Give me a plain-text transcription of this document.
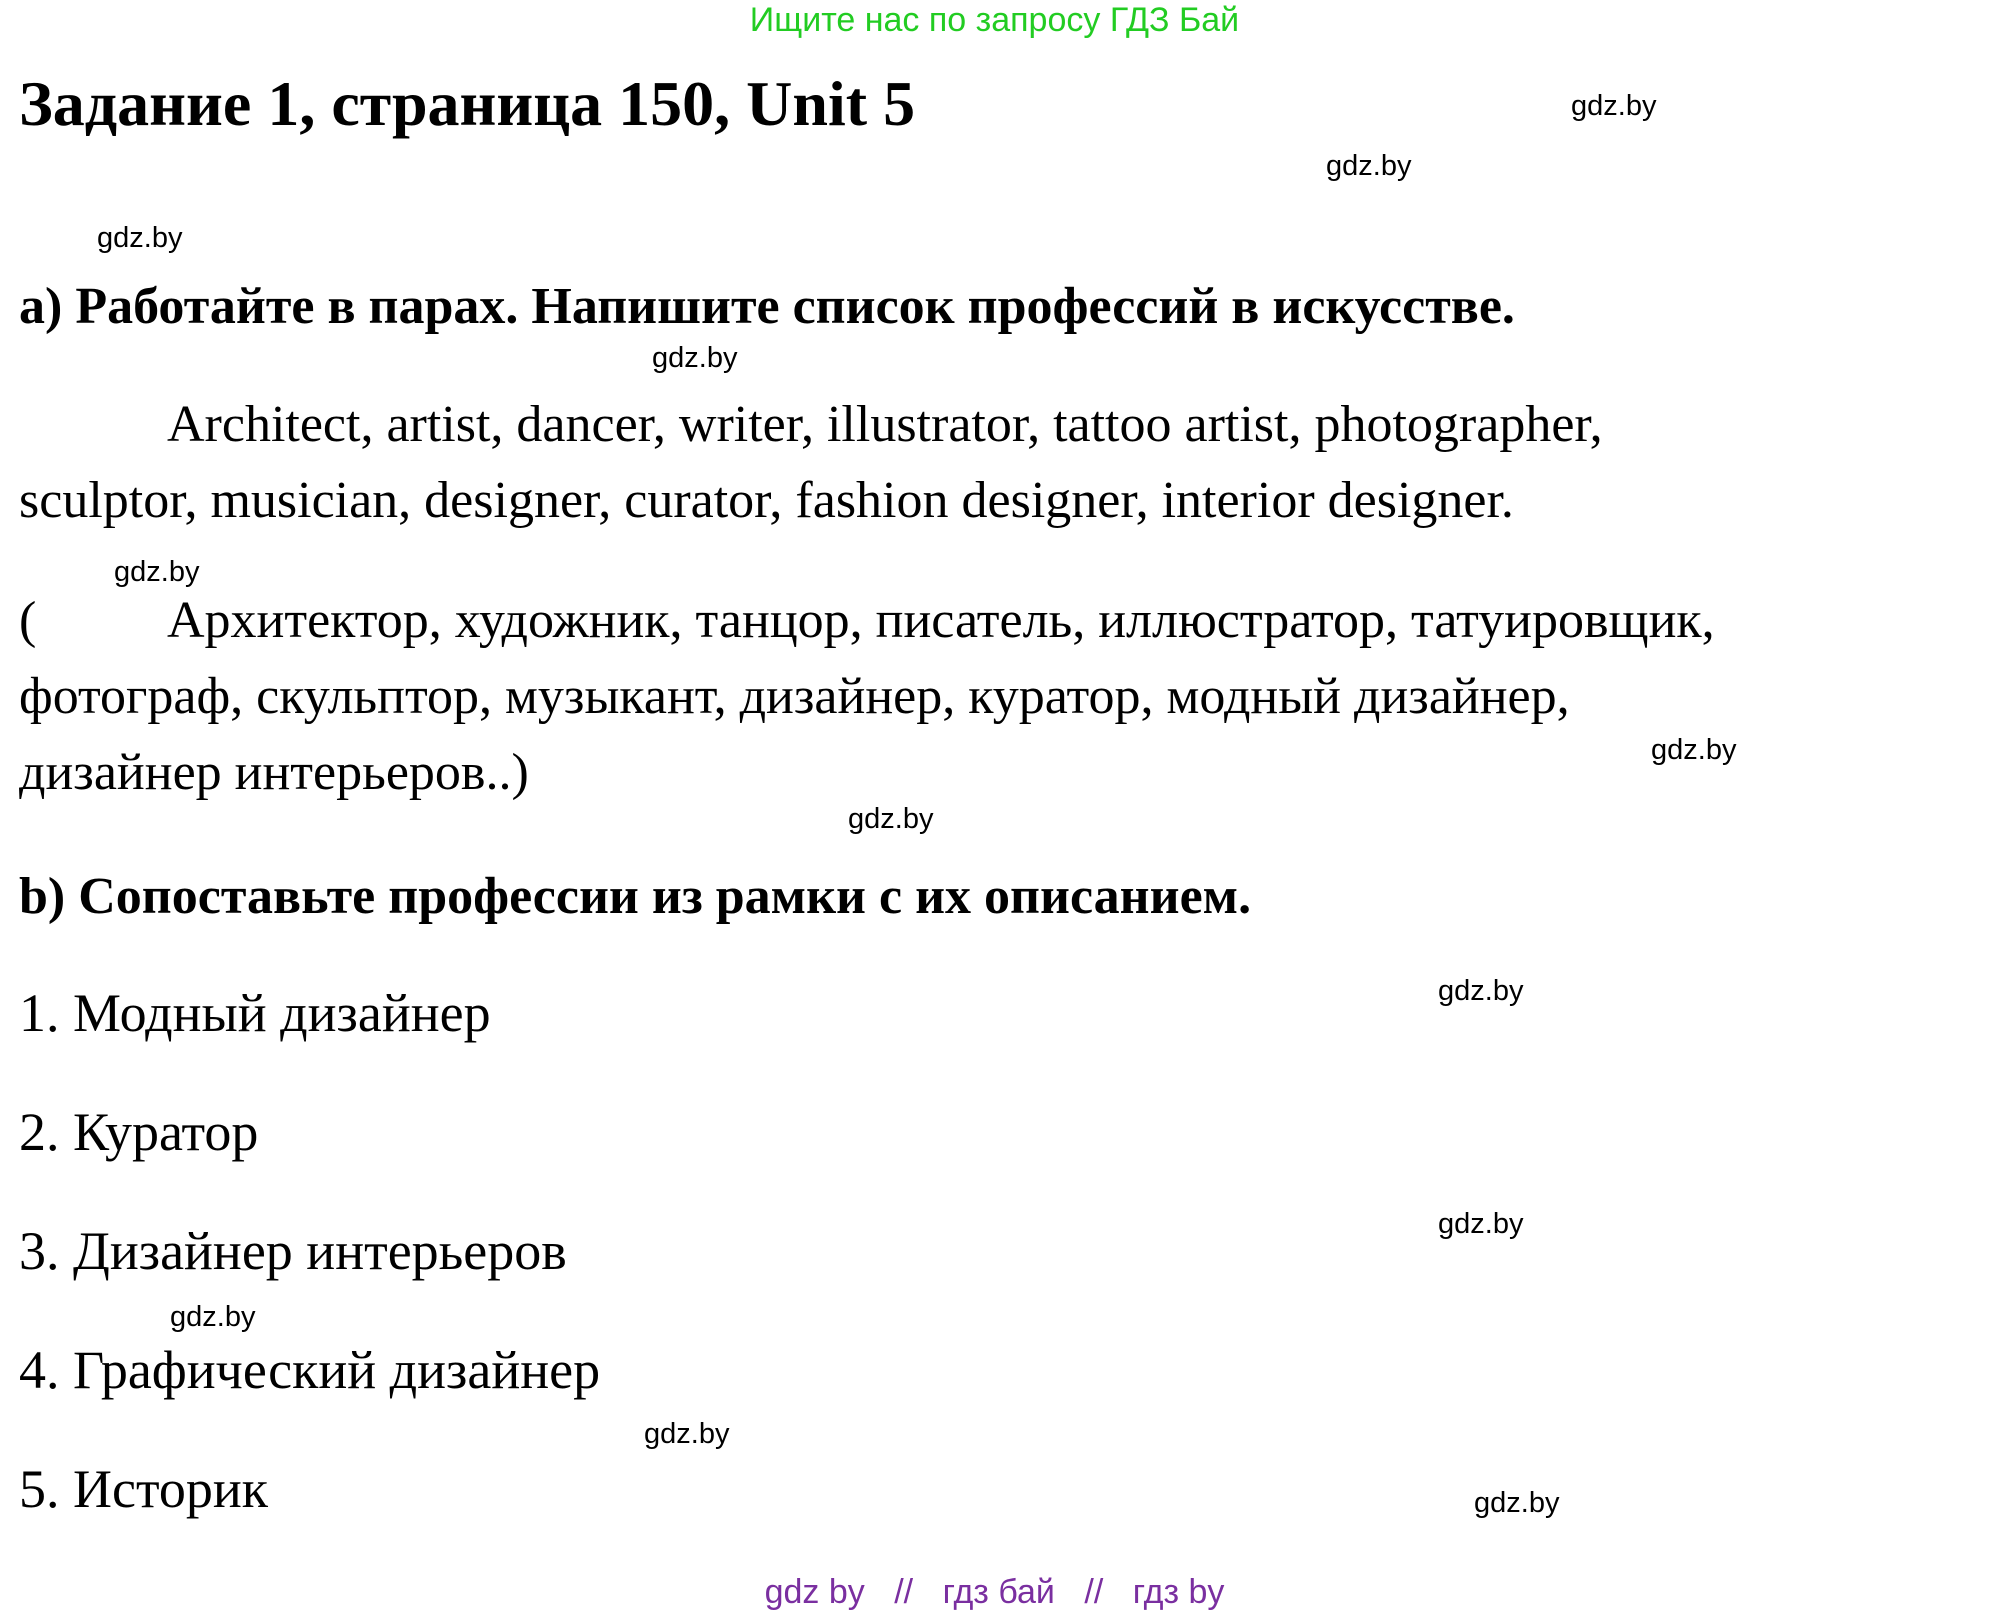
Ищите нас по запросу ГДЗ Бай
Задание 1, страница 150, Unit 5	gdz.by
gdz.by
gdz.by
gdz.by
gdz.by
gdz.by
gdz.by
gdz.by
gdz.by
gdz.by
gdz.by
gdz.by
а) Работайте в парах. Напишите список профессий в искусстве.
Architect, artist, dancer, writer, illustrator, tattoo artist, photographer,
sculptor, musician, designer, curator, fashion designer, interior designer.
(	Архитектор, художник, танцор, писатель, иллюстратор, татуировщик,
фотограф, скульптор, музыкант, дизайнер, куратор, модный дизайнер,
дизайнер интерьеров..)
b) Сопоставьте профессии из рамки с их описанием.
1. Модный дизайнер
2. Куратор
3. Дизайнер интерьеров
4. Графический дизайнер
5. Историк
gdz by // гдз бай // гдз by
